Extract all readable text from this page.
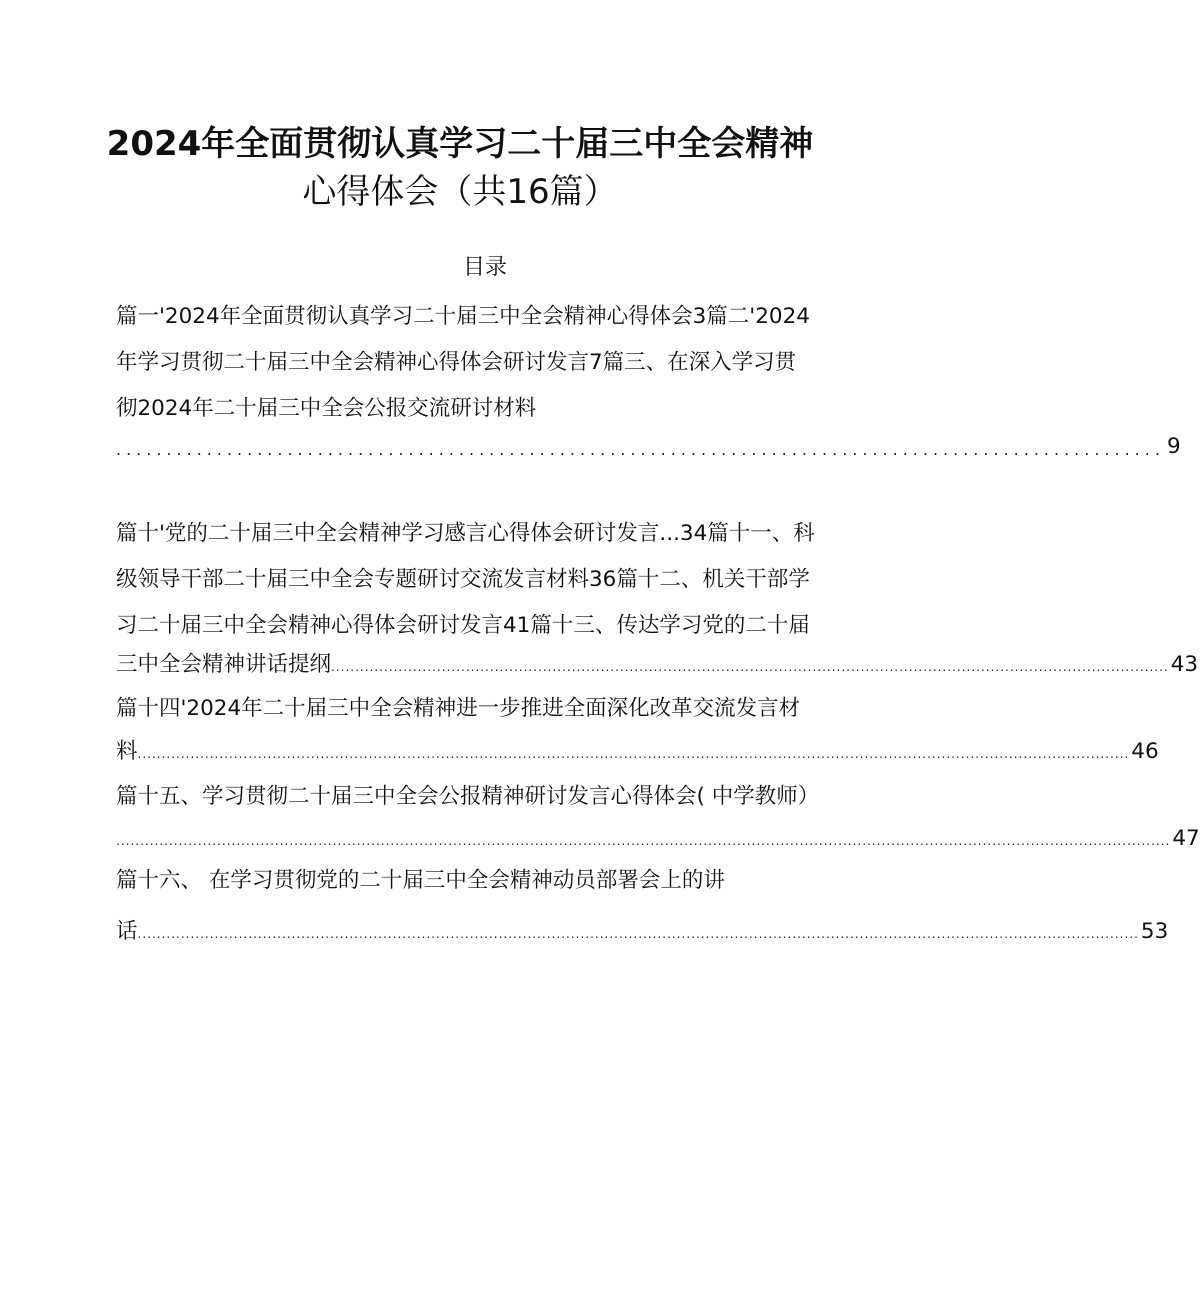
2024年全面贯彻认真学习二十届三中全会精神
心得体会（共16篇）
目录
篇一'2024年全面贯彻认真学习二十届三中全会精神心得体会3篇二'2024
年学习贯彻二十届三中全会精神心得体会研讨发言7篇三、在深入学习贯
彻2024年二十届三中全会公报交流研讨材料
........................................................................................................ 9
篇十'党的二十届三中全会精神学习感言心得体会研讨发言...34篇十一、科
级领导干部二十届三中全会专题研讨交流发言材料36篇十二、机关干部学
习二十届三中全会精神心得体会研讨发言41篇十三、传达学习党的二十届
三中全会精神讲话提纲 .............................................................................................................................................................................. 43
篇十四'2024年二十届三中全会精神进一步推进全面深化改革交流发言材
料 .............................................................................................................................................................................................................. 46
篇十五、学习贯彻二十届三中全会公报精神研讨发言心得体会( 中学教师）
........................................................................................................................................................................................................................... 47
篇十六、 在学习贯彻党的二十届三中全会精神动员部署会上的讲
话 ................................................................................................................................................................................................................ 53
